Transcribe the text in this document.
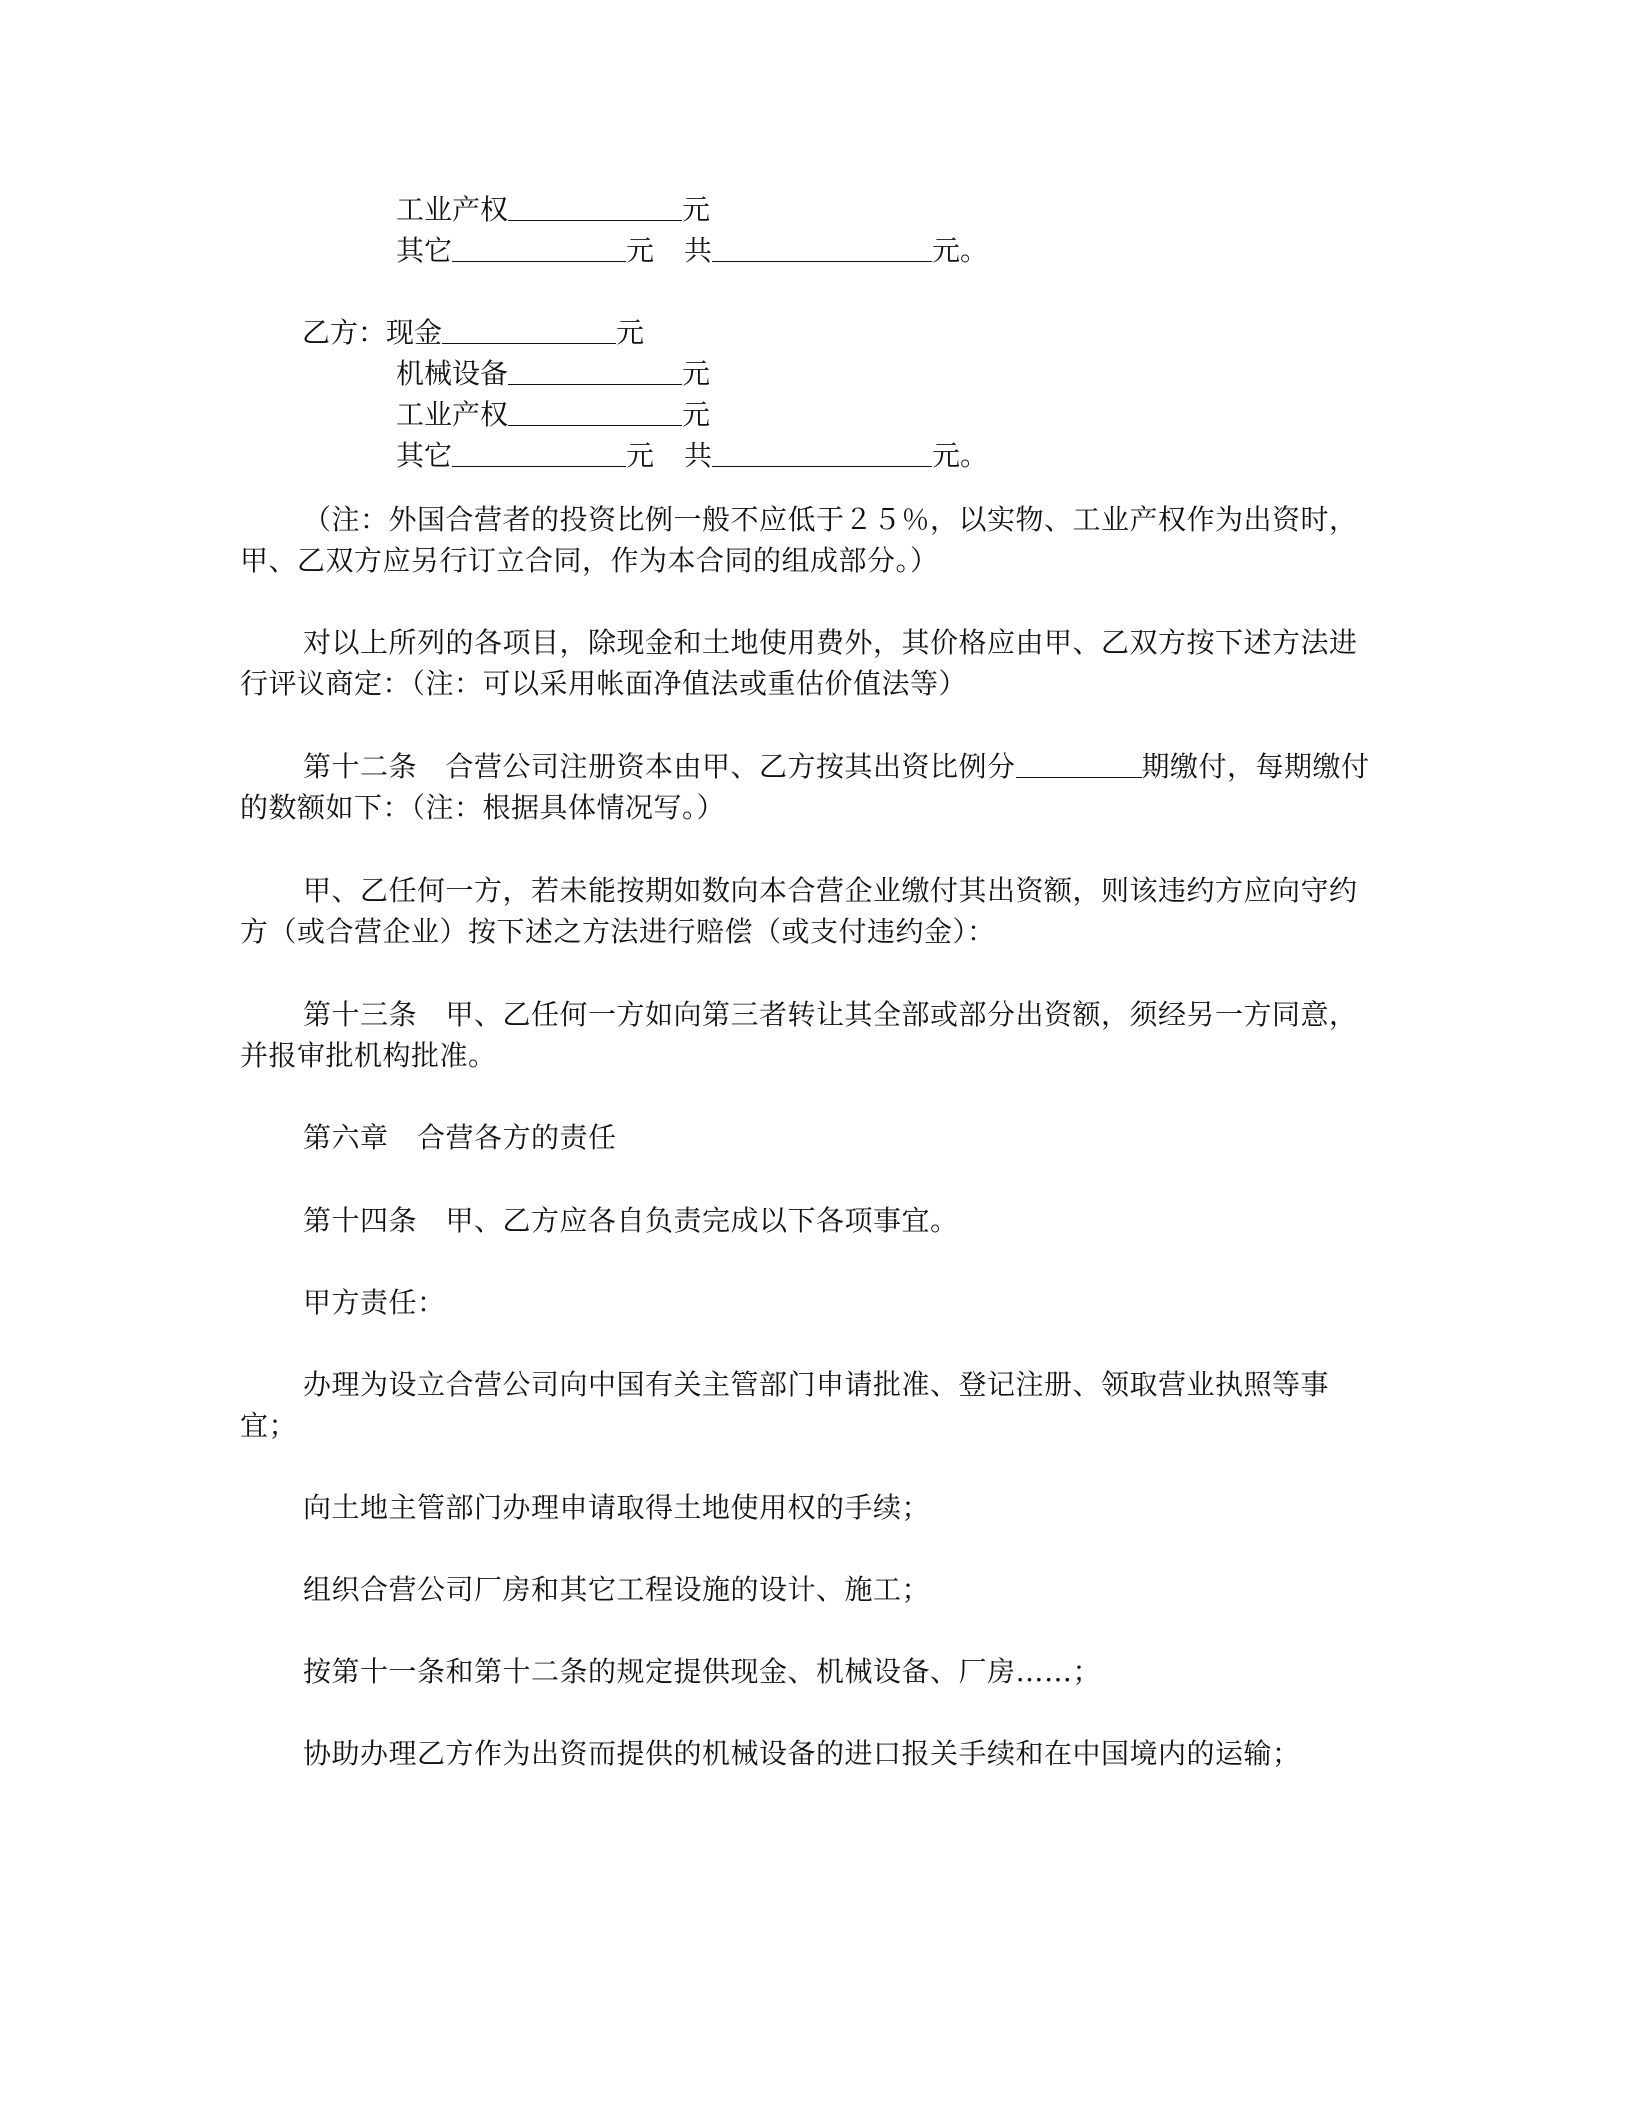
工业产权	元
其它	元 共	元。
乙方：现金	元
机械设备	元
工业产权	元
其它	元 共	元。

（注：外国合营者的投资比例一般不应低于２５％，以实物、工业产权作为出资时，甲、乙双方应另行订立合同，作为本合同的组成部分。）

对以上所列的各项目，除现金和土地使用费外，其价格应由甲、乙双方按下述方法进行评议商定：（注：可以采用帐面净值法或重估价值法等）

第十二条　合营公司注册资本由甲、乙方按其出资比例分	期缴付，每期缴付的数额如下：（注：根据具体情况写。）

甲、乙任何一方，若未能按期如数向本合营企业缴付其出资额，则该违约方应向守约方（或合营企业）按下述之方法进行赔偿（或支付违约金）：

第十三条　甲、乙任何一方如向第三者转让其全部或部分出资额，须经另一方同意，并报审批机构批准。

第六章　合营各方的责任

第十四条　甲、乙方应各自负责完成以下各项事宜。

甲方责任：

办理为设立合营公司向中国有关主管部门申请批准、登记注册、领取营业执照等事宜；

向土地主管部门办理申请取得土地使用权的手续；

组织合营公司厂房和其它工程设施的设计、施工；

按第十一条和第十二条的规定提供现金、机械设备、厂房……；

协助办理乙方作为出资而提供的机械设备的进口报关手续和在中国境内的运输；
